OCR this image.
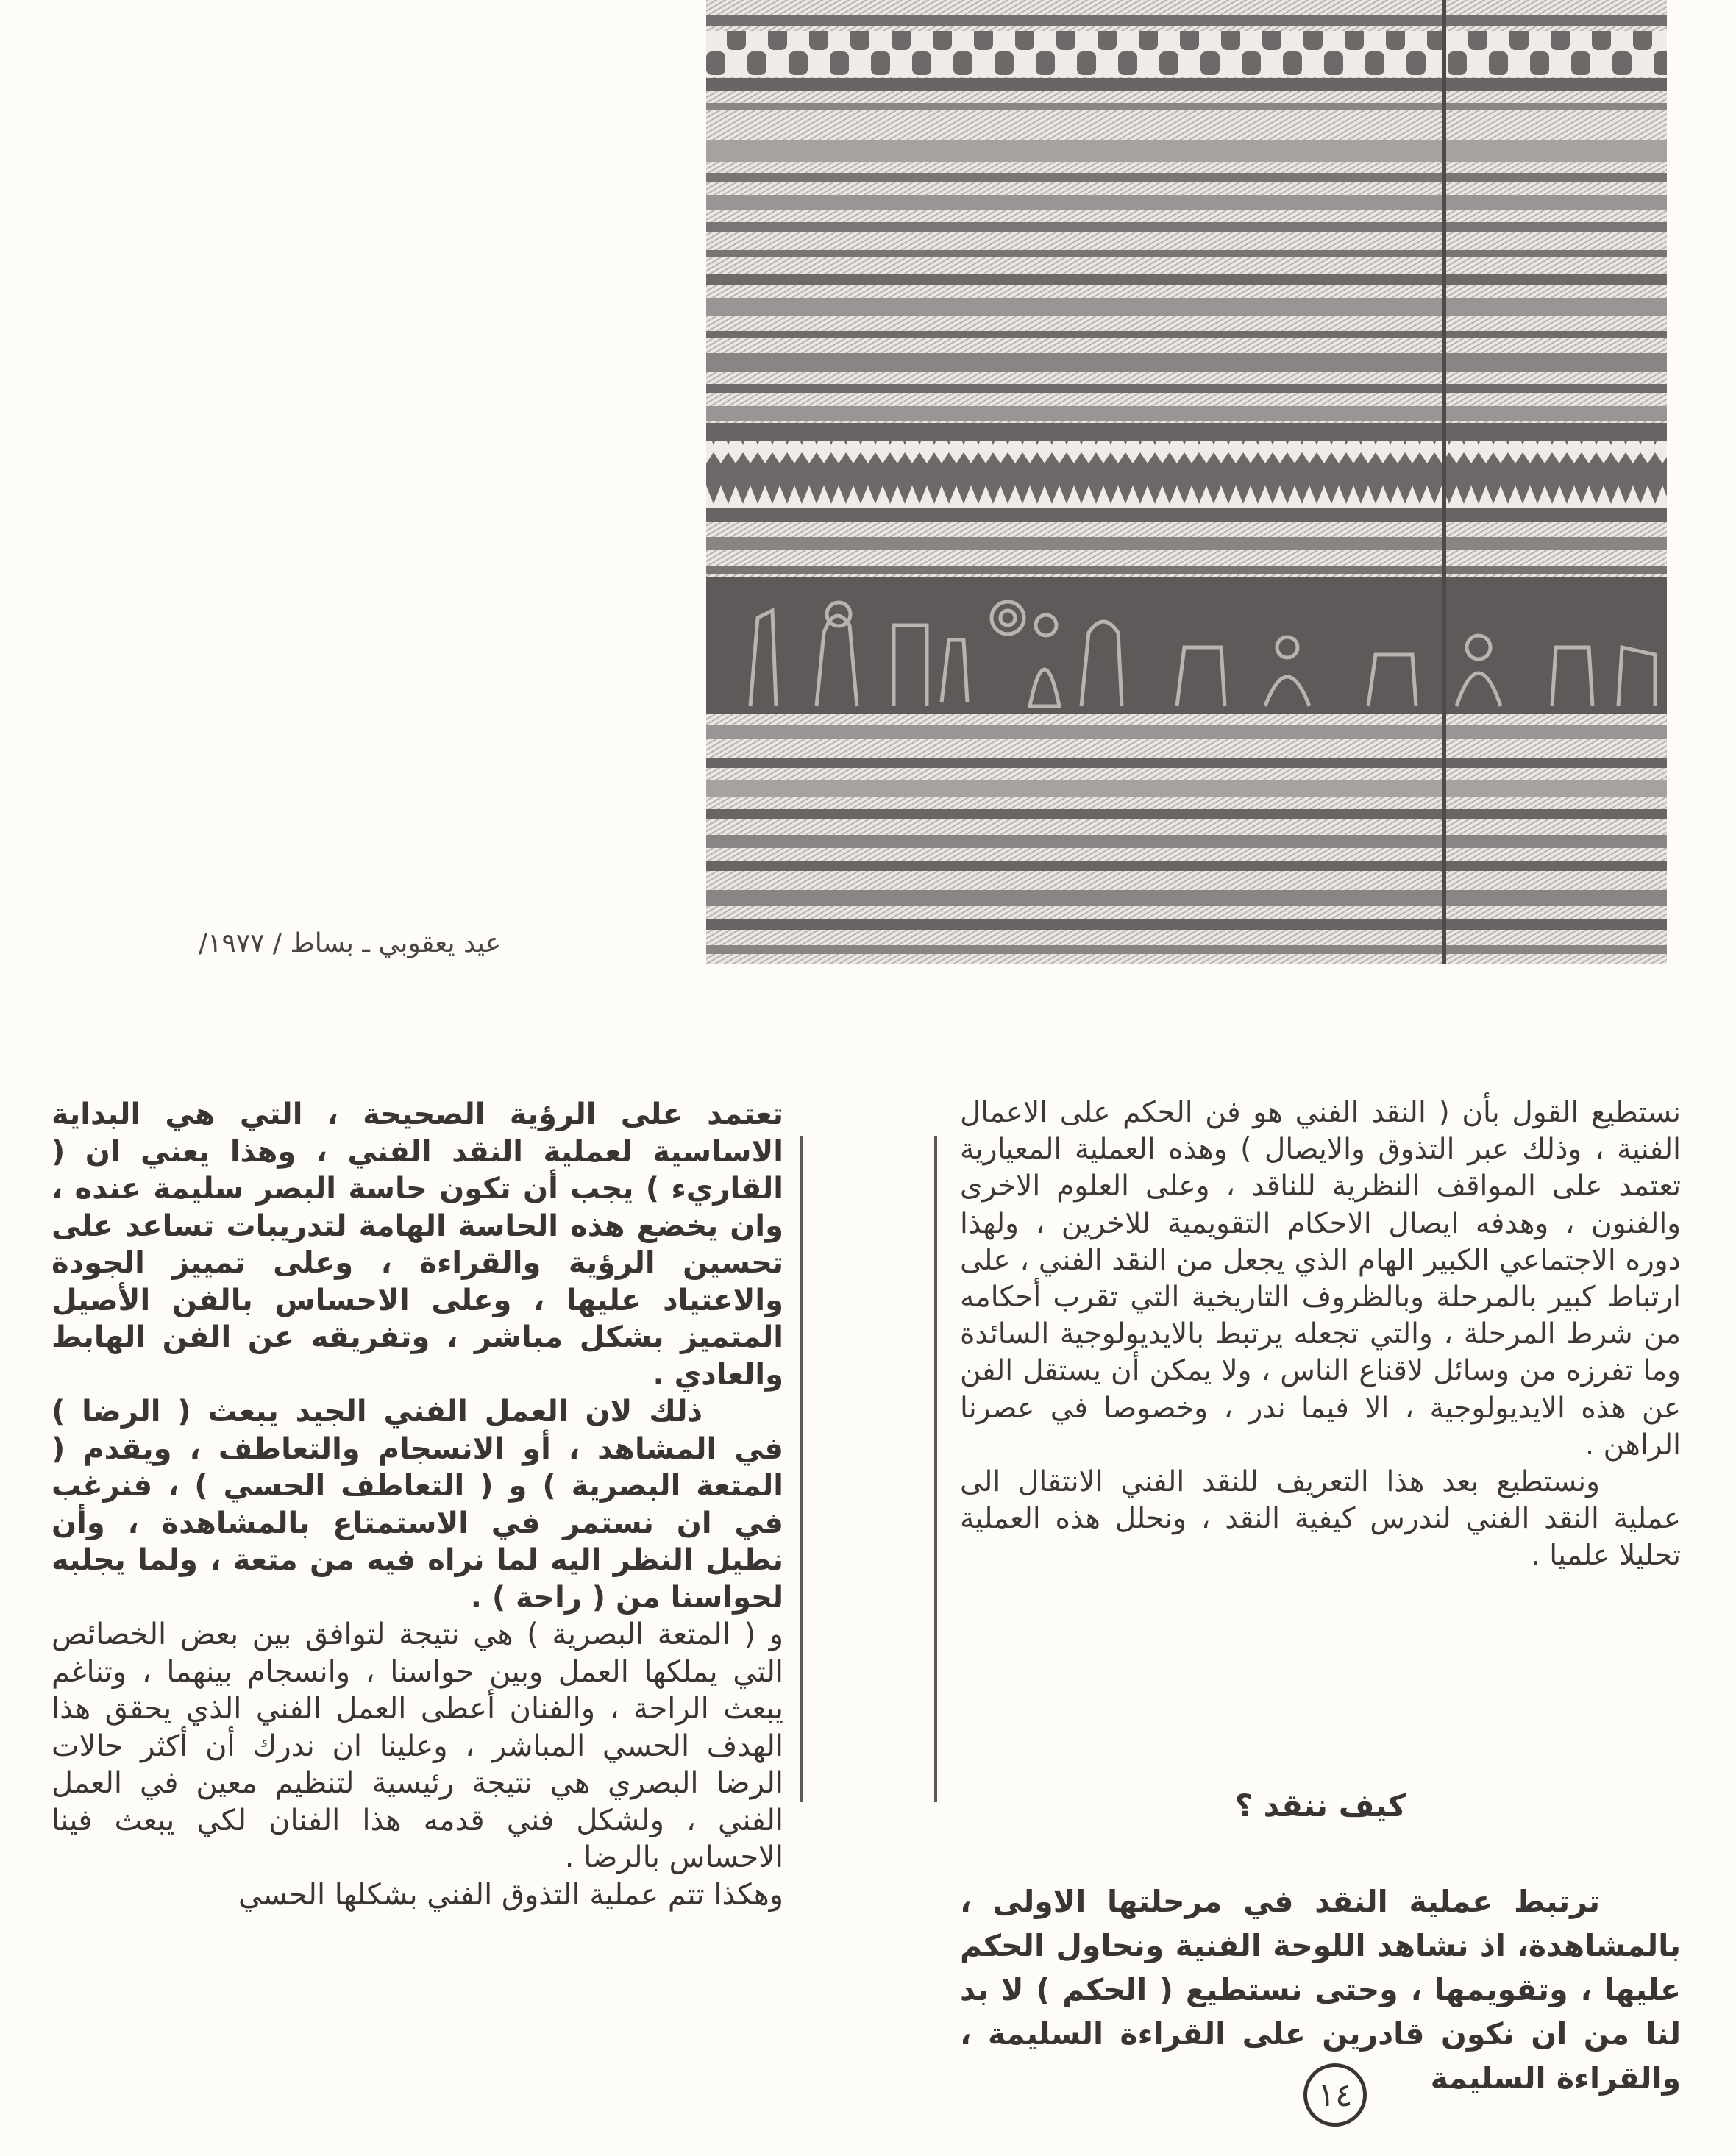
عيد يعقوبي ـ بساط / ١٩٧٧/

نستطيع القول بأن ( النقد الفني هو فن الحكم على الاعمال الفنية ، وذلك عبر التذوق والايصال ) وهذه العملية المعيارية تعتمد على المواقف النظرية للناقد ، وعلى العلوم الاخرى والفنون ، وهدفه ايصال الاحكام التقويمية للاخرين ، ولهذا دوره الاجتماعي الكبير الهام الذي يجعل من النقد الفني ، على ارتباط كبير بالمرحلة وبالظروف التاريخية التي تقرب أحكامه من شرط المرحلة ، والتي تجعله يرتبط بالايديولوجية السائدة وما تفرزه من وسائل لاقناع الناس ، ولا يمكن أن يستقل الفن عن هذه الايديولوجية ، الا فيما ندر ، وخصوصا في عصرنا الراهن .

ونستطيع بعد هذا التعريف للنقد الفني الانتقال الى عملية النقد الفني لندرس كيفية النقد ، ونحلل هذه العملية تحليلا علميا .

كيف ننقد ؟

ترتبط عملية النقد في مرحلتها الاولى ، بالمشاهدة، اذ نشاهد اللوحة الفنية ونحاول الحكم عليها ، وتقويمها ، وحتى نستطيع ( الحكم ) لا بد لنا من ان نكون قادرين على القراءة السليمة ، والقراءة السليمة

تعتمد على الرؤية الصحيحة ، التي هي البداية الاساسية لعملية النقد الفني ، وهذا يعني ان ( القاريء ) يجب أن تكون حاسة البصر سليمة عنده ، وان يخضع هذه الحاسة الهامة لتدريبات تساعد على تحسين الرؤية والقراءة ، وعلى تمييز الجودة والاعتياد عليها ، وعلى الاحساس بالفن الأصيل المتميز بشكل مباشر ، وتفريقه عن الفن الهابط والعادي .

ذلك لان العمل الفني الجيد يبعث ( الرضا ) في المشاهد ، أو الانسجام والتعاطف ، ويقدم ( المتعة البصرية ) و ( التعاطف الحسي ) ، فنرغب في ان نستمر في الاستمتاع بالمشاهدة ، وأن نطيل النظر اليه لما نراه فيه من متعة ، ولما يجلبه لحواسنا من ( راحة ) .

و ( المتعة البصرية ) هي نتيجة لتوافق بين بعض الخصائص التي يملكها العمل وبين حواسنا ، وانسجام بينهما ، وتناغم يبعث الراحة ، والفنان أعطى العمل الفني الذي يحقق هذا الهدف الحسي المباشر ، وعلينا ان ندرك أن أكثر حالات الرضا البصري هي نتيجة رئيسية لتنظيم معين في العمل الفني ، ولشكل فني قدمه هذا الفنان لكي يبعث فينا الاحساس بالرضا .

وهكذا تتم عملية التذوق الفني بشكلها الحسي

١٤
